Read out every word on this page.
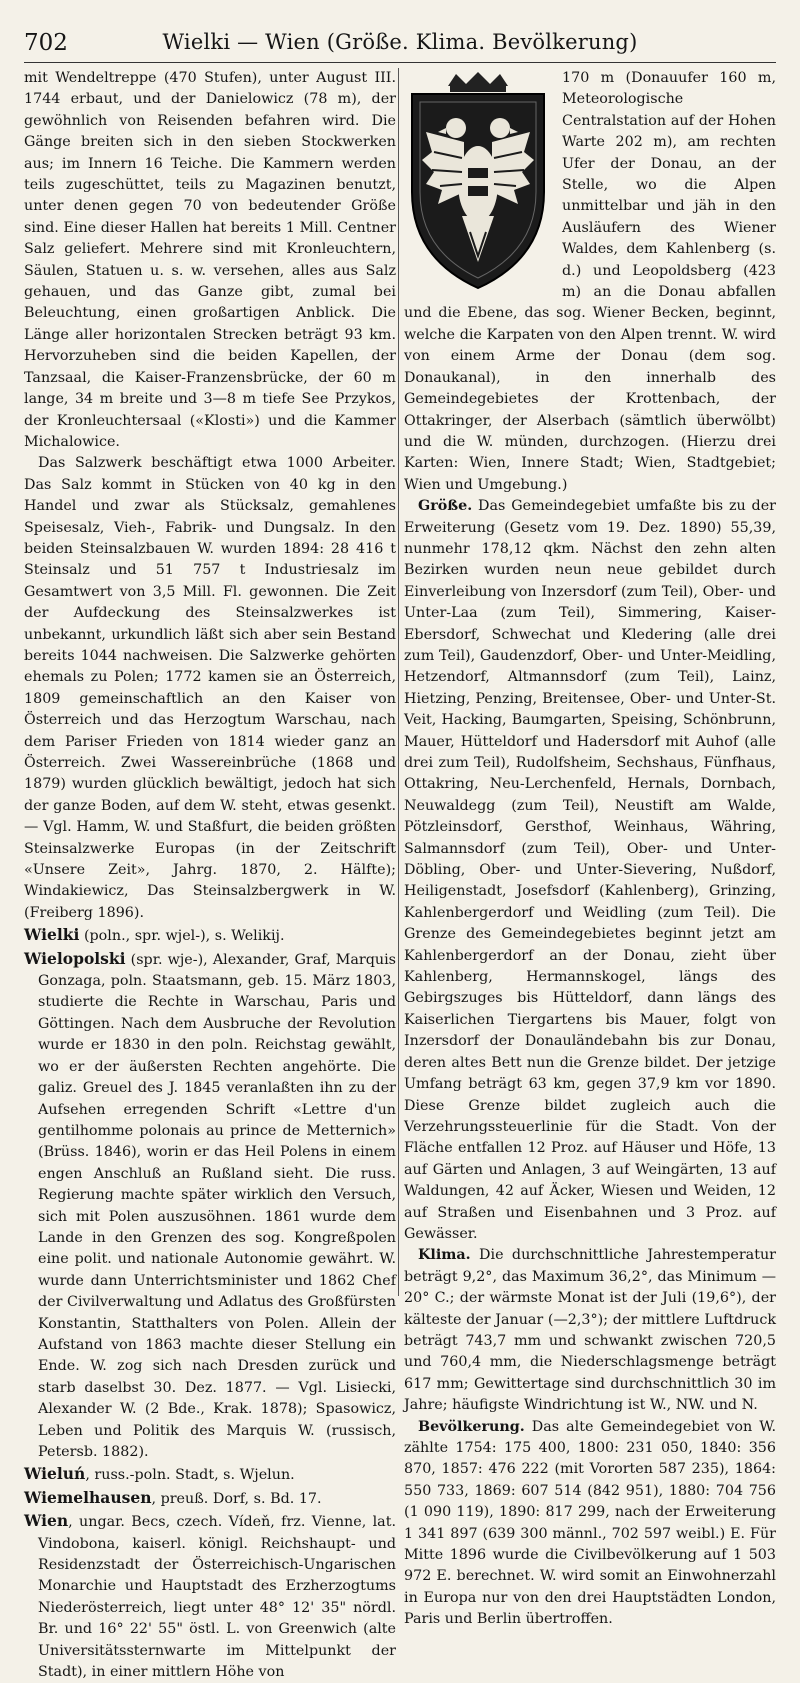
702	Wielki — Wien (Größe. Klima. Bevölkerung)

mit Wendeltreppe (470 Stufen), unter August III. 1744 erbaut, und der Danielowicz (78 m), der gewöhnlich von Reisenden befahren wird. Die Gänge breiten sich in den sieben Stockwerken aus; im Innern 16 Teiche. Die Kammern werden teils zugeschüttet, teils zu Magazinen benutzt, unter denen gegen 70 von bedeutender Größe sind. Eine dieser Hallen hat bereits 1 Mill. Centner Salz geliefert. Mehrere sind mit Kronleuchtern, Säulen, Statuen u. s. w. versehen, alles aus Salz gehauen, und das Ganze gibt, zumal bei Beleuchtung, einen großartigen Anblick. Die Länge aller horizontalen Strecken beträgt 93 km. Hervorzuheben sind die beiden Kapellen, der Tanzsaal, die Kaiser-Franzensbrücke, der 60 m lange, 34 m breite und 3—8 m tiefe See Przykos, der Kronleuchtersaal («Klosti») und die Kammer Michalowice.

Das Salzwerk beschäftigt etwa 1000 Arbeiter. Das Salz kommt in Stücken von 40 kg in den Handel und zwar als Stücksalz, gemahlenes Speisesalz, Vieh-, Fabrik- und Dungsalz. In den beiden Steinsalzbauen W. wurden 1894: 28 416 t Steinsalz und 51 757 t Industriesalz im Gesamtwert von 3,5 Mill. Fl. gewonnen. Die Zeit der Aufdeckung des Steinsalzwerkes ist unbekannt, urkundlich läßt sich aber sein Bestand bereits 1044 nachweisen. Die Salzwerke gehörten ehemals zu Polen; 1772 kamen sie an Österreich, 1809 gemeinschaftlich an den Kaiser von Österreich und das Herzogtum Warschau, nach dem Pariser Frieden von 1814 wieder ganz an Österreich. Zwei Wassereinbrüche (1868 und 1879) wurden glücklich bewältigt, jedoch hat sich der ganze Boden, auf dem W. steht, etwas gesenkt. — Vgl. Hamm, W. und Staßfurt, die beiden größten Steinsalzwerke Europas (in der Zeitschrift «Unsere Zeit», Jahrg. 1870, 2. Hälfte); Windakiewicz, Das Steinsalzbergwerk in W. (Freiberg 1896).

Wielki (poln., spr. wjel-), s. Welikij.

Wielopolski (spr. wje-), Alexander, Graf, Marquis Gonzaga, poln. Staatsmann, geb. 15. März 1803, studierte die Rechte in Warschau, Paris und Göttingen. Nach dem Ausbruche der Revolution wurde er 1830 in den poln. Reichstag gewählt, wo er der äußersten Rechten angehörte. Die galiz. Greuel des J. 1845 veranlaßten ihn zu der Aufsehen erregenden Schrift «Lettre d'un gentilhomme polonais au prince de Metternich» (Brüss. 1846), worin er das Heil Polens in einem engen Anschluß an Rußland sieht. Die russ. Regierung machte später wirklich den Versuch, sich mit Polen auszusöhnen. 1861 wurde dem Lande in den Grenzen des sog. Kongreßpolen eine polit. und nationale Autonomie gewährt. W. wurde dann Unterrichtsminister und 1862 Chef der Civilverwaltung und Adlatus des Großfürsten Konstantin, Statthalters von Polen. Allein der Aufstand von 1863 machte dieser Stellung ein Ende. W. zog sich nach Dresden zurück und starb daselbst 30. Dez. 1877. — Vgl. Lisiecki, Alexander W. (2 Bde., Krak. 1878); Spasowicz, Leben und Politik des Marquis W. (russisch, Petersb. 1882).

Wieluń, russ.-poln. Stadt, s. Wjelun.

Wiemelhausen, preuß. Dorf, s. Bd. 17.

Wien, ungar. Becs, czech. Vídeň, frz. Vienne, lat. Vindobona, kaiserl. königl. Reichshaupt- und Residenzstadt der Österreichisch-Ungarischen Monarchie und Hauptstadt des Erzherzogtums Niederösterreich, liegt unter 48° 12' 35" nördl. Br. und 16° 22' 55" östl. L. von Greenwich (alte Universitätssternwarte im Mittelpunkt der Stadt), in einer mittlern Höhe von

170 m (Donauufer 160 m, Meteorologische Centralstation auf der Hohen Warte 202 m), am rechten Ufer der Donau, an der Stelle, wo die Alpen unmittelbar und jäh in den Ausläufern des Wiener Waldes, dem Kahlenberg (s. d.) und Leopoldsberg (423 m) an die Donau abfallen und die Ebene, das sog. Wiener Becken, beginnt, welche die Karpaten von den Alpen trennt. W. wird von einem Arme der Donau (dem sog. Donaukanal), in den innerhalb des Gemeindegebietes der Krottenbach, der Ottakringer, der Alserbach (sämtlich überwölbt) und die W. münden, durchzogen. (Hierzu drei Karten: Wien, Innere Stadt; Wien, Stadtgebiet; Wien und Umgebung.)

Größe. Das Gemeindegebiet umfaßte bis zu der Erweiterung (Gesetz vom 19. Dez. 1890) 55,39, nunmehr 178,12 qkm. Nächst den zehn alten Bezirken wurden neun neue gebildet durch Einverleibung von Inzersdorf (zum Teil), Ober- und Unter-Laa (zum Teil), Simmering, Kaiser-Ebersdorf, Schwechat und Kledering (alle drei zum Teil), Gaudenzdorf, Ober- und Unter-Meidling, Hetzendorf, Altmannsdorf (zum Teil), Lainz, Hietzing, Penzing, Breitensee, Ober- und Unter-St. Veit, Hacking, Baumgarten, Speising, Schönbrunn, Mauer, Hütteldorf und Hadersdorf mit Auhof (alle drei zum Teil), Rudolfsheim, Sechshaus, Fünfhaus, Ottakring, Neu-Lerchenfeld, Hernals, Dornbach, Neuwaldegg (zum Teil), Neustift am Walde, Pötzleinsdorf, Gersthof, Weinhaus, Währing, Salmannsdorf (zum Teil), Ober- und Unter-Döbling, Ober- und Unter-Sievering, Nußdorf, Heiligenstadt, Josefsdorf (Kahlenberg), Grinzing, Kahlenbergerdorf und Weidling (zum Teil). Die Grenze des Gemeindegebietes beginnt jetzt am Kahlenbergerdorf an der Donau, zieht über Kahlenberg, Hermannskogel, längs des Gebirgszuges bis Hütteldorf, dann längs des Kaiserlichen Tiergartens bis Mauer, folgt von Inzersdorf der Donauländebahn bis zur Donau, deren altes Bett nun die Grenze bildet. Der jetzige Umfang beträgt 63 km, gegen 37,9 km vor 1890. Diese Grenze bildet zugleich auch die Verzehrungssteuerlinie für die Stadt. Von der Fläche entfallen 12 Proz. auf Häuser und Höfe, 13 auf Gärten und Anlagen, 3 auf Weingärten, 13 auf Waldungen, 42 auf Äcker, Wiesen und Weiden, 12 auf Straßen und Eisenbahnen und 3 Proz. auf Gewässer.

Klima. Die durchschnittliche Jahrestemperatur beträgt 9,2°, das Maximum 36,2°, das Minimum —20° C.; der wärmste Monat ist der Juli (19,6°), der kälteste der Januar (—2,3°); der mittlere Luftdruck beträgt 743,7 mm und schwankt zwischen 720,5 und 760,4 mm, die Niederschlagsmenge beträgt 617 mm; Gewittertage sind durchschnittlich 30 im Jahre; häufigste Windrichtung ist W., NW. und N.

Bevölkerung. Das alte Gemeindegebiet von W. zählte 1754: 175 400, 1800: 231 050, 1840: 356 870, 1857: 476 222 (mit Vororten 587 235), 1864: 550 733, 1869: 607 514 (842 951), 1880: 704 756 (1 090 119), 1890: 817 299, nach der Erweiterung 1 341 897 (639 300 männl., 702 597 weibl.) E. Für Mitte 1896 wurde die Civilbevölkerung auf 1 503 972 E. berechnet. W. wird somit an Einwohnerzahl in Europa nur von den drei Hauptstädten London, Paris und Berlin übertroffen.
